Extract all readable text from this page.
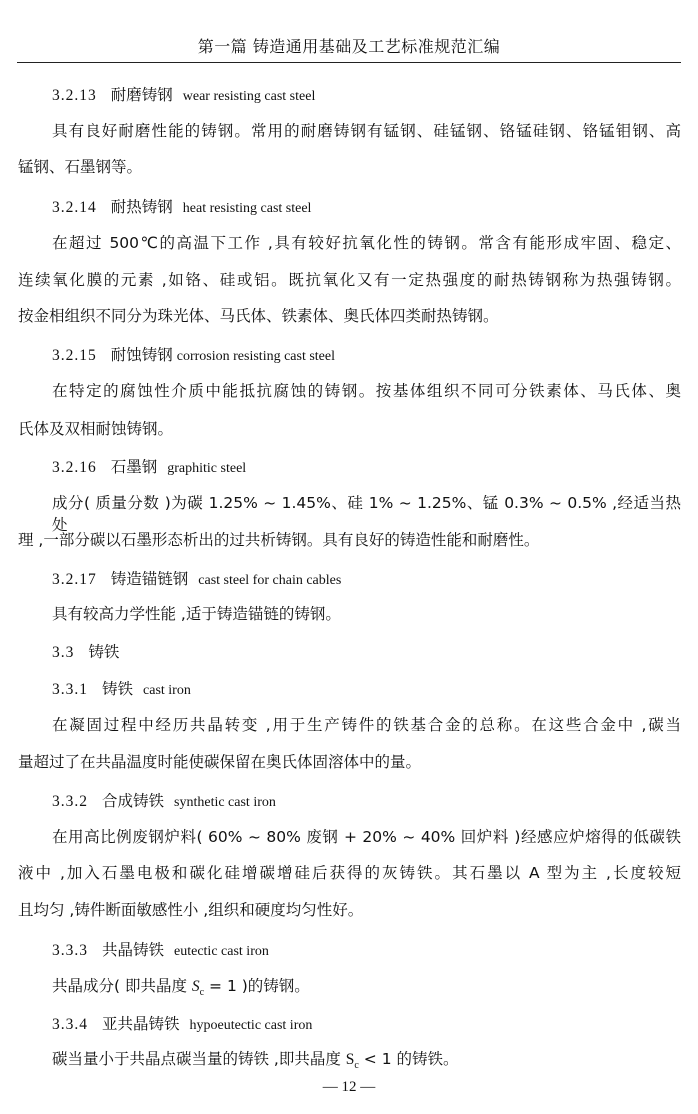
第一篇 铸造通用基础及工艺标准规范汇编
3.2.13 耐磨铸钢 wear resisting cast steel
具有良好耐磨性能的铸钢。常用的耐磨铸钢有锰钢、硅锰钢、铬锰硅钢、铬锰钼钢、高
锰钢、石墨钢等。
3.2.14 耐热铸钢 heat resisting cast steel
在超过 500℃的高温下工作 ,具有较好抗氧化性的铸钢。常含有能形成牢固、稳定、
连续氧化膜的元素 ,如铬、硅或铝。既抗氧化又有一定热强度的耐热铸钢称为热强铸钢。
按金相组织不同分为珠光体、马氏体、铁素体、奥氏体四类耐热铸钢。
3.2.15 耐蚀铸钢 corrosion resisting cast steel
在特定的腐蚀性介质中能抵抗腐蚀的铸钢。按基体组织不同可分铁素体、马氏体、奥
氏体及双相耐蚀铸钢。
3.2.16 石墨钢 graphitic steel
成分( 质量分数 )为碳 1.25% ~ 1.45%、硅 1% ~ 1.25%、锰 0.3% ~ 0.5% ,经适当热处
理 ,一部分碳以石墨形态析出的过共析铸钢。具有良好的铸造性能和耐磨性。
3.2.17 铸造锚链钢 cast steel for chain cables
具有较高力学性能 ,适于铸造锚链的铸钢。
3.3 铸铁
3.3.1 铸铁 cast iron
在凝固过程中经历共晶转变 ,用于生产铸件的铁基合金的总称。在这些合金中 ,碳当
量超过了在共晶温度时能使碳保留在奥氏体固溶体中的量。
3.3.2 合成铸铁 synthetic cast iron
在用高比例废钢炉料( 60% ~ 80% 废钢 + 20% ~ 40% 回炉料 )经感应炉熔得的低碳铁
液中 ,加入石墨电极和碳化硅增碳增硅后获得的灰铸铁。其石墨以 A 型为主 ,长度较短
且均匀 ,铸件断面敏感性小 ,组织和硬度均匀性好。
3.3.3 共晶铸铁 eutectic cast iron
共晶成分( 即共晶度 $S_c = 1$ )的铸钢。
3.3.4 亚共晶铸铁 hypoeutectic cast iron
碳当量小于共晶点碳当量的铸铁 ,即共晶度 $S_c < 1$ 的铸铁。
— 12 —
